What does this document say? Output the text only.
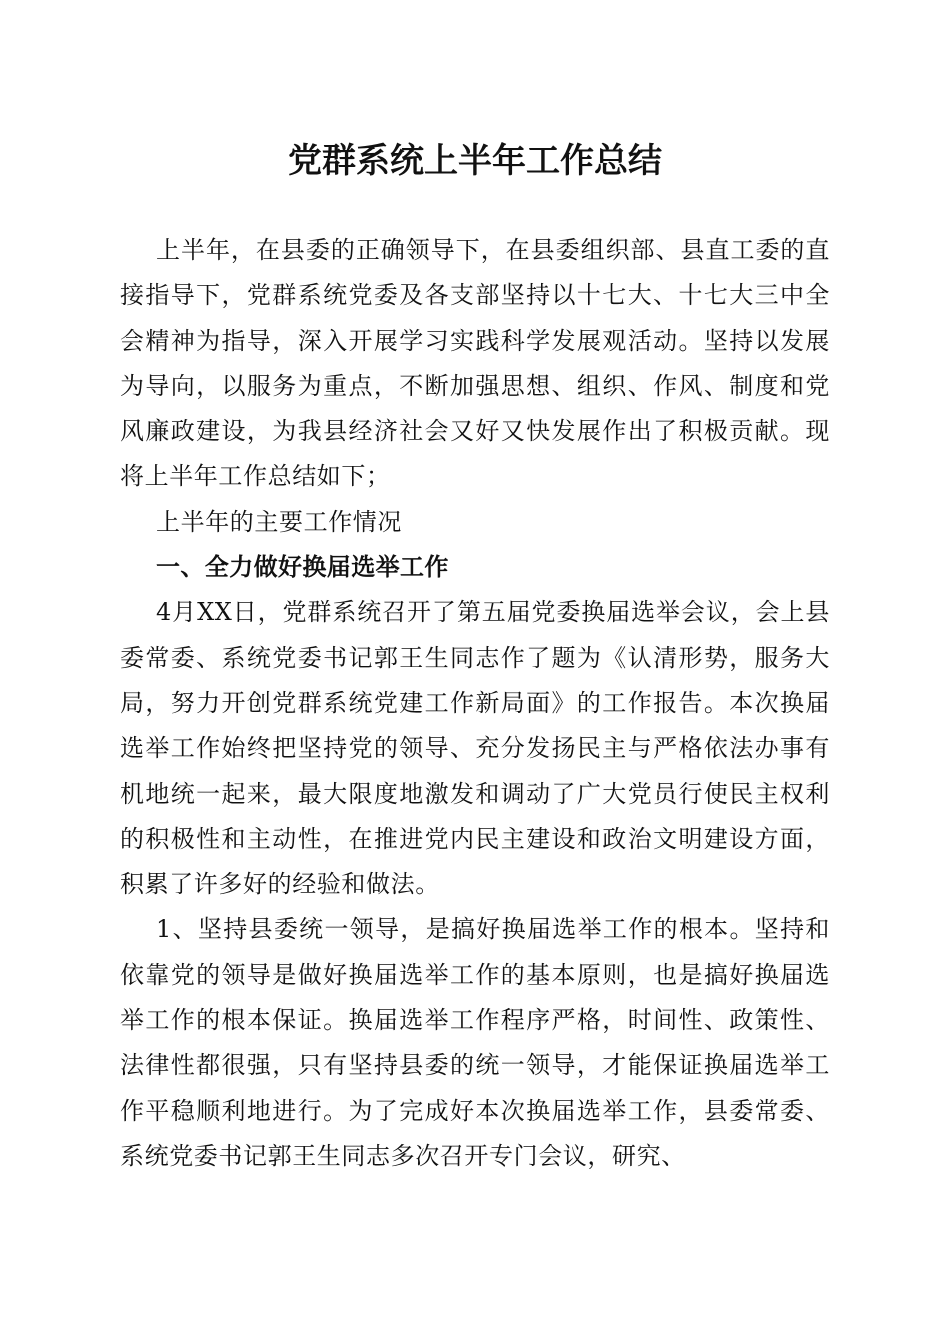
党群系统上半年工作总结

上半年，在县委的正确领导下，在县委组织部、县直工委的直接指导下，党群系统党委及各支部坚持以十七大、十七大三中全会精神为指导，深入开展学习实践科学发展观活动。坚持以发展为导向，以服务为重点，不断加强思想、组织、作风、制度和党风廉政建设，为我县经济社会又好又快发展作出了积极贡献。现将上半年工作总结如下；

上半年的主要工作情况

一、全力做好换届选举工作

4月XX日，党群系统召开了第五届党委换届选举会议，会上县委常委、系统党委书记郭王生同志作了题为《认清形势，服务大局，努力开创党群系统党建工作新局面》的工作报告。本次换届选举工作始终把坚持党的领导、充分发扬民主与严格依法办事有机地统一起来，最大限度地激发和调动了广大党员行使民主权利的积极性和主动性，在推进党内民主建设和政治文明建设方面，积累了许多好的经验和做法。

1、坚持县委统一领导，是搞好换届选举工作的根本。坚持和依靠党的领导是做好换届选举工作的基本原则，也是搞好换届选举工作的根本保证。换届选举工作程序严格，时间性、政策性、法律性都很强，只有坚持县委的统一领导，才能保证换届选举工作平稳顺利地进行。为了完成好本次换届选举工作，县委常委、系统党委书记郭王生同志多次召开专门会议，研究、
